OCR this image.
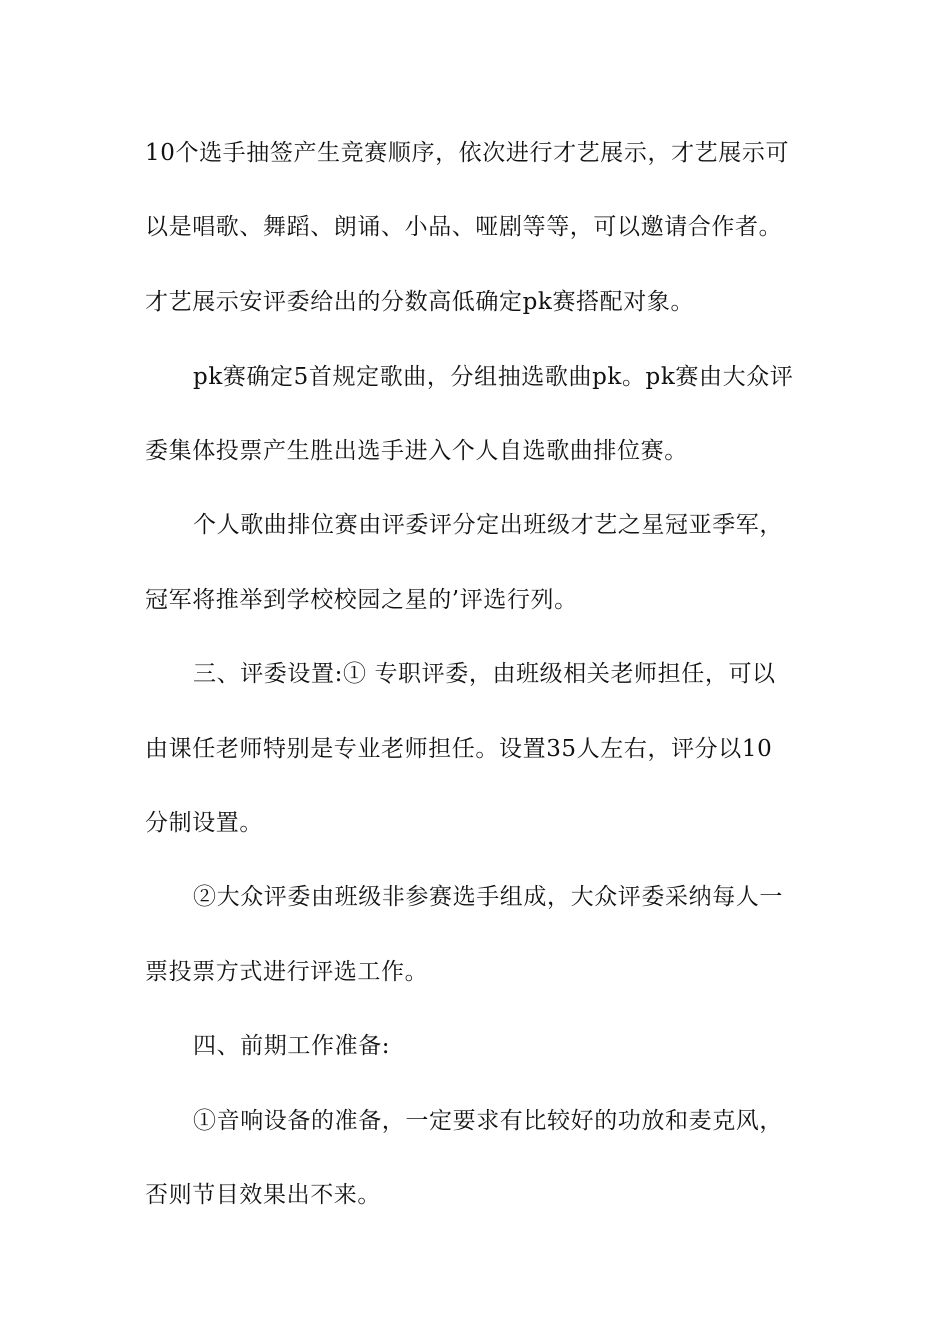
10个选手抽签产生竞赛顺序，依次进行才艺展示，才艺展示可

以是唱歌、舞蹈、朗诵、小品、哑剧等等，可以邀请合作者。

才艺展示安评委给出的分数高低确定pk赛搭配对象。

pk赛确定5首规定歌曲，分组抽选歌曲pk。pk赛由大众评

委集体投票产生胜出选手进入个人自选歌曲排位赛。

个人歌曲排位赛由评委评分定出班级才艺之星冠亚季军，

冠军将推举到学校校园之星的’评选行列。

三、评委设置:① 专职评委，由班级相关老师担任，可以

由课任老师特别是专业老师担任。设置35人左右，评分以10

分制设置。

②大众评委由班级非参赛选手组成，大众评委采纳每人一

票投票方式进行评选工作。

四、前期工作准备:

①音响设备的准备，一定要求有比较好的功放和麦克风，

否则节目效果出不来。
